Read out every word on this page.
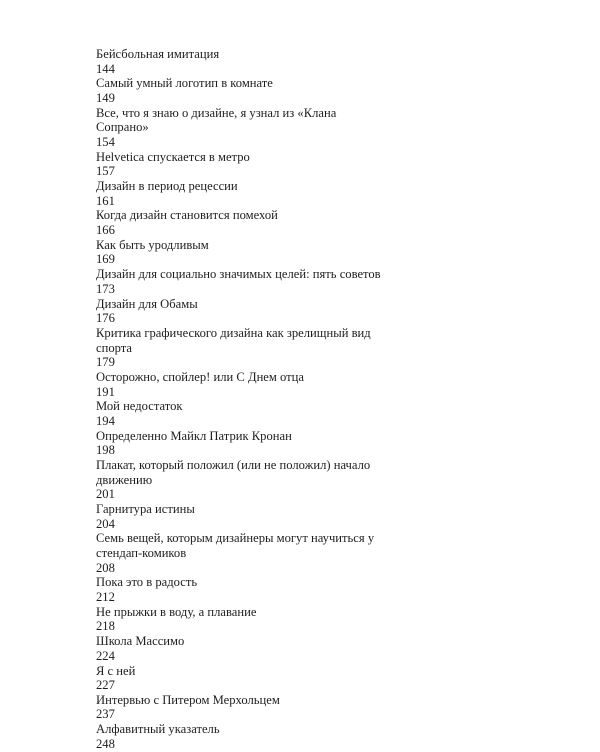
Бейсбольная имитация
144
Самый умный логотип в комнате
149
Все, что я знаю о дизайне, я узнал из «Клана Сопрано»
154
Helvetica спускается в метро
157
Дизайн в период рецессии
161
Когда дизайн становится помехой
166
Как быть уродливым
169
Дизайн для социально значимых целей: пять советов
173
Дизайн для Обамы
176
Критика графического дизайна как зрелищный вид спорта
179
Осторожно, спойлер! или С Днем отца
191
Мой недостаток
194
Определенно Майкл Патрик Кронан
198
Плакат, который положил (или не положил) начало движению
201
Гарнитура истины
204
Семь вещей, которым дизайнеры могут научиться у стендап-комиков
208
Пока это в радость
212
Не прыжки в воду, а плавание
218
Школа Массимо
224
Я с ней
227
Интервью с Питером Мерхольцем
237
Алфавитный указатель
248
